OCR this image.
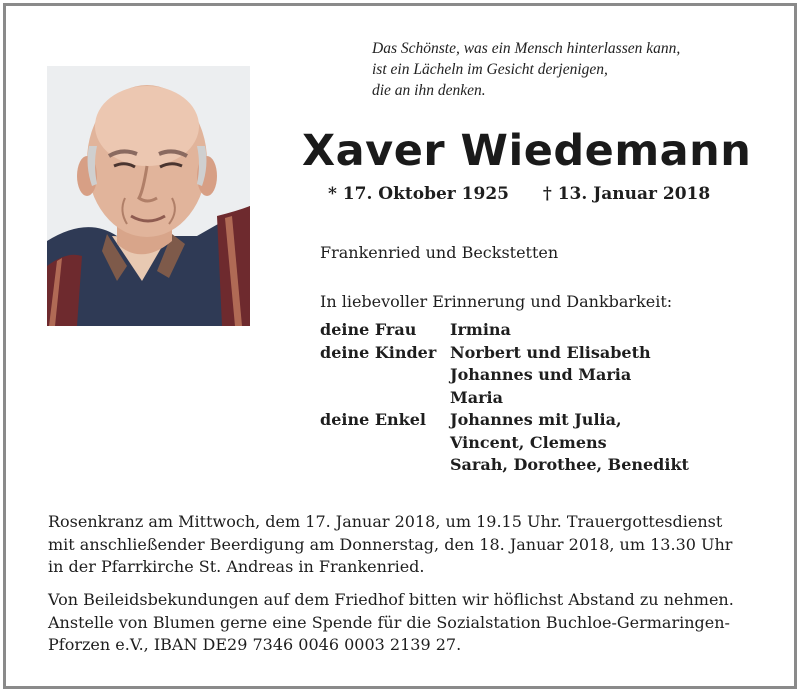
Das Schönste, was ein Mensch hinterlassen kann,
ist ein Lächeln im Gesicht derjenigen,
die an ihn denken.
Xaver Wiedemann
* 17. Oktober 1925 † 13. Januar 2018
Frankenried und Beckstetten
In liebevoller Erinnerung und Dankbarkeit:
deine Frau Irmina
deine Kinder Norbert und Elisabeth
Johannes und Maria
Maria
deine Enkel Johannes mit Julia,
Vincent, Clemens
Sarah, Dorothee, Benedikt
Rosenkranz am Mittwoch, dem 17. Januar 2018, um 19.15 Uhr. Trauergottesdienst
mit anschließender Beerdigung am Donnerstag, den 18. Januar 2018, um 13.30 Uhr
in der Pfarrkirche St. Andreas in Frankenried.
Von Beileidsbekundungen auf dem Friedhof bitten wir höflichst Abstand zu nehmen.
Anstelle von Blumen gerne eine Spende für die Sozialstation Buchloe-Germaringen-
Pforzen e.V., IBAN DE29 7346 0046 0003 2139 27.
